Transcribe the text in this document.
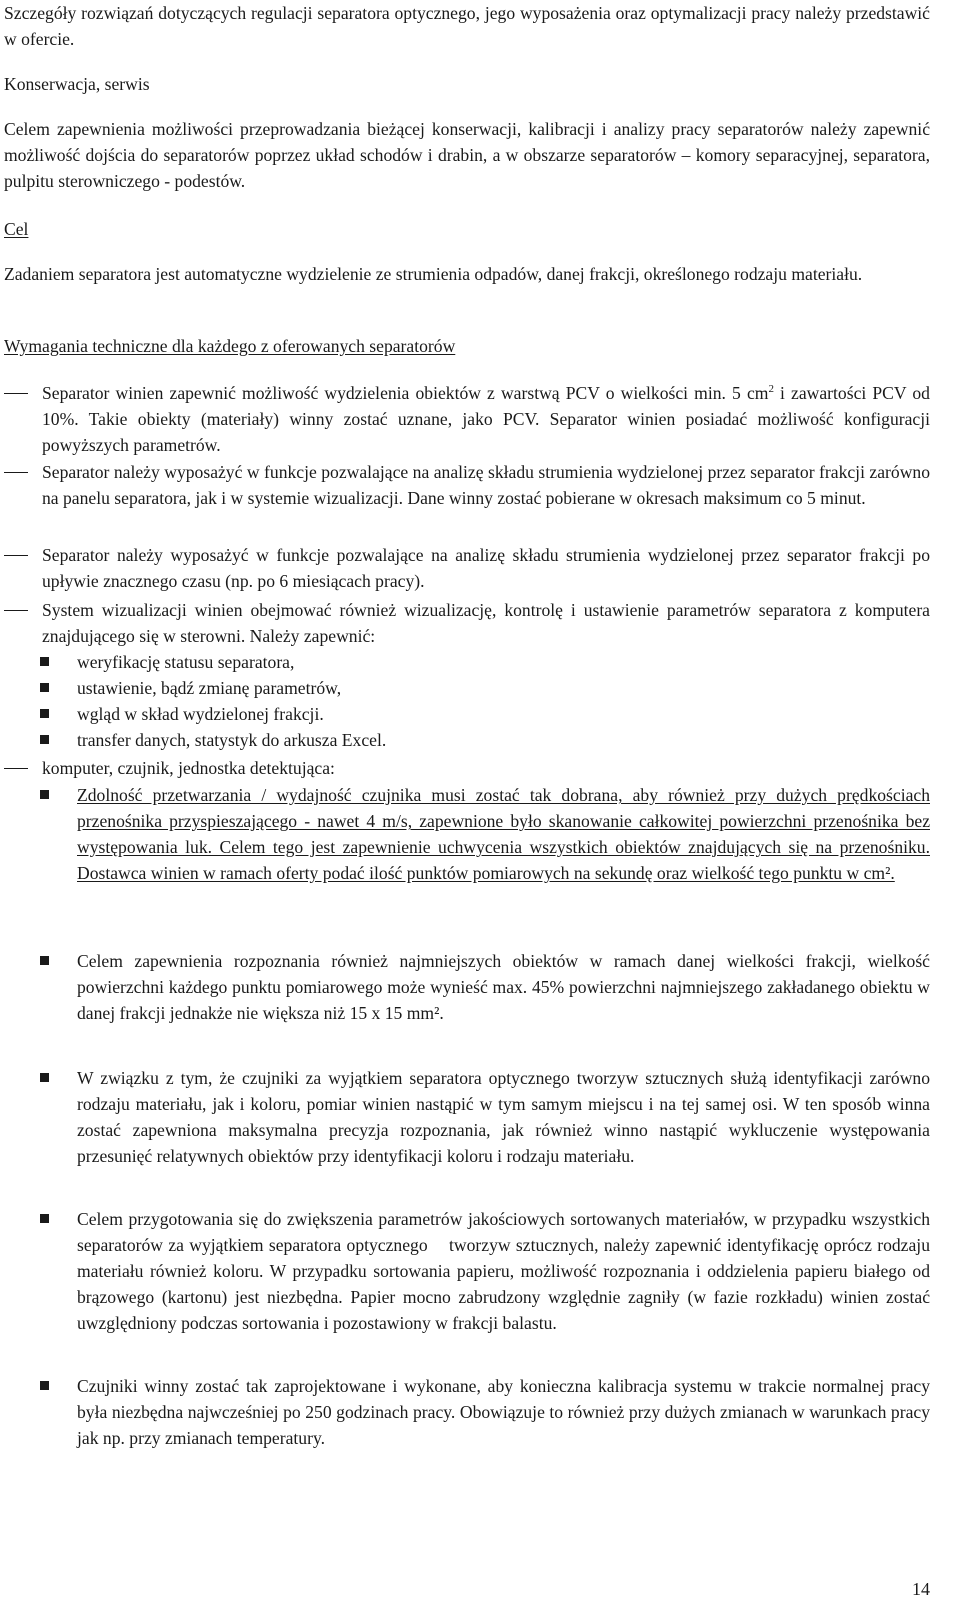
Szczegóły rozwiązań dotyczących regulacji separatora optycznego, jego wyposażenia oraz optymalizacji pracy należy przedstawić w ofercie.

Konserwacja, serwis

Celem zapewnienia możliwości przeprowadzania bieżącej konserwacji, kalibracji i analizy pracy separatorów należy zapewnić możliwość dojścia do separatorów poprzez układ schodów i drabin, a w obszarze separatorów – komory separacyjnej, separatora, pulpitu sterowniczego - podestów.

Cel

Zadaniem separatora jest automatyczne wydzielenie ze strumienia odpadów, danej frakcji, określonego rodzaju materiału.

Wymagania techniczne dla każdego z oferowanych separatorów

Separator winien zapewnić możliwość wydzielenia obiektów z warstwą PCV o wielkości min. 5 $cm^2$ i zawartości PCV od 10%. Takie obiekty (materiały) winny zostać uznane, jako PCV. Separator winien posiadać możliwość konfiguracji powyższych parametrów.

Separator należy wyposażyć w funkcje pozwalające na analizę składu strumienia wydzielonej przez separator frakcji zarówno na panelu separatora, jak i w systemie wizualizacji. Dane winny zostać pobierane w okresach maksimum co 5 minut.

Separator należy wyposażyć w funkcje pozwalające na analizę składu strumienia wydzielonej przez separator frakcji po upływie znacznego czasu (np. po 6 miesiącach pracy).

System wizualizacji winien obejmować również wizualizację, kontrolę i ustawienie parametrów separatora z komputera znajdującego się w sterowni. Należy zapewnić:

weryfikację statusu separatora,

ustawienie, bądź zmianę parametrów,

wgląd w skład wydzielonej frakcji.

transfer danych, statystyk do arkusza Excel.

komputer, czujnik, jednostka detektująca:

Zdolność przetwarzania / wydajność czujnika musi zostać tak dobrana, aby również przy dużych prędkościach przenośnika przyspieszającego - nawet 4 m/s, zapewnione było skanowanie całkowitej powierzchni przenośnika bez występowania luk. Celem tego jest zapewnienie uchwycenia wszystkich obiektów znajdujących się na przenośniku. Dostawca winien w ramach oferty podać ilość punktów pomiarowych na sekundę oraz wielkość tego punktu w cm².

Celem zapewnienia rozpoznania również najmniejszych obiektów w ramach danej wielkości frakcji, wielkość powierzchni każdego punktu pomiarowego może wynieść max. 45% powierzchni najmniejszego zakładanego obiektu w danej frakcji jednakże nie większa niż 15 x 15 mm².

W związku z tym, że czujniki za wyjątkiem separatora optycznego tworzyw sztucznych służą identyfikacji zarówno rodzaju materiału, jak i koloru, pomiar winien nastąpić w tym samym miejscu i na tej samej osi. W ten sposób winna zostać zapewniona maksymalna precyzja rozpoznania, jak również winno nastąpić wykluczenie występowania przesunięć relatywnych obiektów przy identyfikacji koloru i rodzaju materiału.

Celem przygotowania się do zwiększenia parametrów jakościowych sortowanych materiałów, w przypadku wszystkich separatorów za wyjątkiem separatora optycznego    tworzyw sztucznych, należy zapewnić identyfikację oprócz rodzaju materiału również koloru. W przypadku sortowania papieru, możliwość rozpoznania i oddzielenia papieru białego od brązowego (kartonu) jest niezbędna. Papier mocno zabrudzony względnie zagniły (w fazie rozkładu) winien zostać uwzględniony podczas sortowania i pozostawiony w frakcji balastu.

Czujniki winny zostać tak zaprojektowane i wykonane, aby konieczna kalibracja systemu w trakcie normalnej pracy była niezbędna najwcześniej po 250 godzinach pracy. Obowiązuje to również przy dużych zmianach w warunkach pracy jak np. przy zmianach temperatury.

14
